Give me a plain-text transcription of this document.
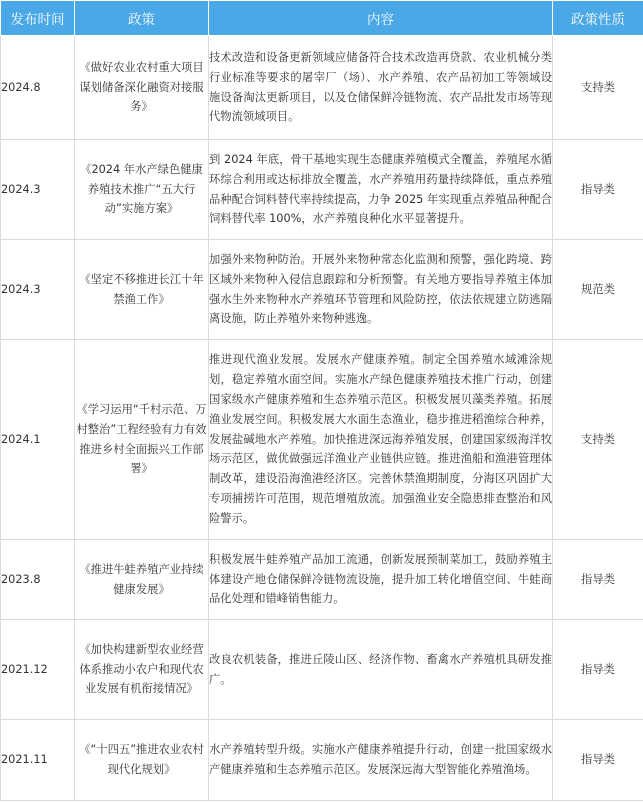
发布时间	政策	内容	政策性质
2024.8	《做好农业农村重大项目谋划储备深化融资对接服务》	技术改造和设备更新领域应储备符合技术改造再贷款、农业机械分类行业标准等要求的屠宰厂（场）、水产养殖、农产品初加工等领域设施设备淘汰更新项目，以及仓储保鲜冷链物流、农产品批发市场等现代物流领域项目。	支持类
2024.3	《2024 年水产绿色健康养殖技术推广“五大行动”实施方案》	到 2024 年底，骨干基地实现生态健康养殖模式全覆盖，养殖尾水循环综合利用或达标排放全覆盖，水产养殖用药量持续降低，重点养殖品种配合饲料替代率持续提高，力争 2025 年实现重点养殖品种配合饲料替代率 100%，水产养殖良种化水平显著提升。	指导类
2024.3	《坚定不移推进长江十年禁渔工作》	加强外来物种防治。开展外来物种常态化监测和预警，强化跨境、跨区域外来物种入侵信息跟踪和分析预警。有关地方要指导养殖主体加强水生外来物种水产养殖环节管理和风险防控，依法依规建立防逃隔离设施，防止养殖外来物种逃逸。	规范类
2024.1	《学习运用“千村示范、万村整治”工程经验有力有效推进乡村全面振兴工作部署》	推进现代渔业发展。发展水产健康养殖。制定全国养殖水域滩涂规划，稳定养殖水面空间。实施水产绿色健康养殖技术推广行动，创建国家级水产健康养殖和生态养殖示范区。积极发展贝藻类养殖。拓展渔业发展空间。积极发展大水面生态渔业，稳步推进稻渔综合种养，发展盐碱地水产养殖。加快推进深远海养殖发展，创建国家级海洋牧场示范区，做优做强远洋渔业产业链供应链。推进渔船和渔港管理体制改革，建设沿海渔港经济区。完善休禁渔期制度，分海区巩固扩大专项捕捞许可范围，规范增殖放流。加强渔业安全隐患排查整治和风险警示。	支持类
2023.8	《推进牛蛙养殖产业持续健康发展》	积极发展牛蛙养殖产品加工流通，创新发展预制菜加工，鼓励养殖主体建设产地仓储保鲜冷链物流设施，提升加工转化增值空间、牛蛙商品化处理和错峰销售能力。	指导类
2021.12	《加快构建新型农业经营体系推动小农户和现代农业发展有机衔接情况》	改良农机装备，推进丘陵山区、经济作物、畜禽水产养殖机具研发推广。	指导类
2021.11	《“十四五”推进农业农村现代化规划》	水产养殖转型升级。实施水产健康养殖提升行动，创建一批国家级水产健康养殖和生态养殖示范区。发展深远海大型智能化养殖渔场。	指导类
